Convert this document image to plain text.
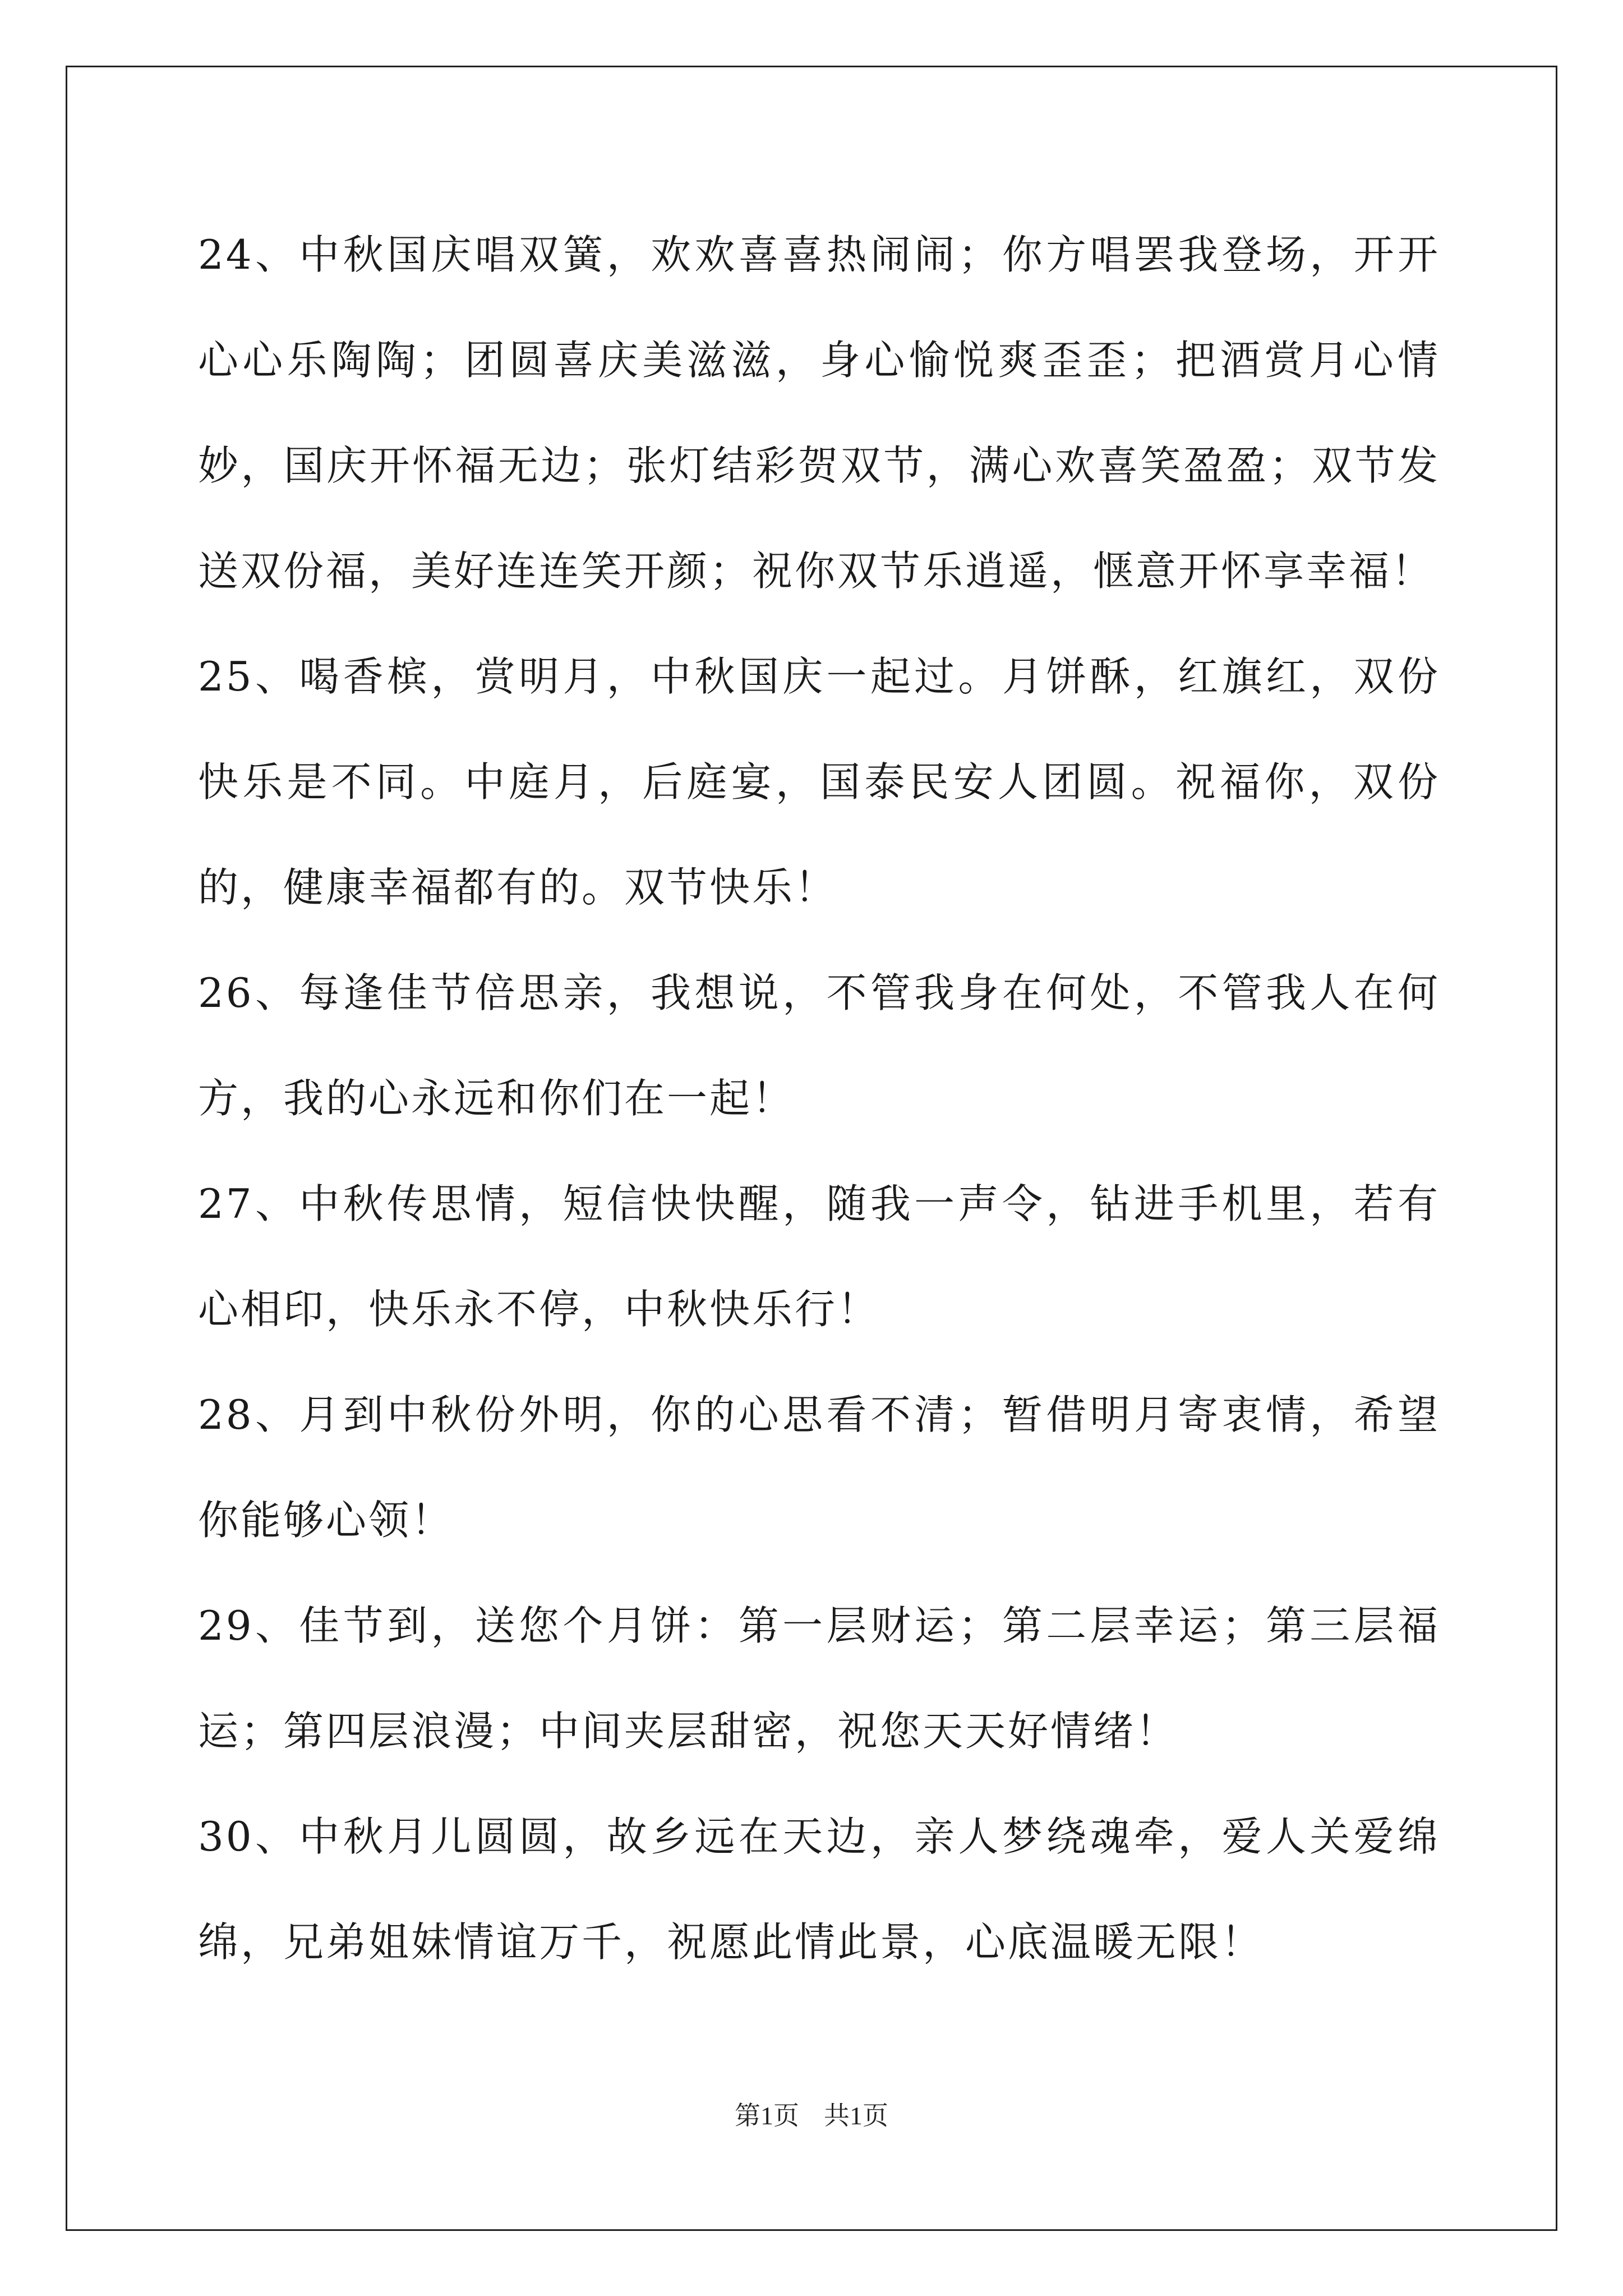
24、中秋国庆唱双簧，欢欢喜喜热闹闹；你方唱罢我登场，开开心心乐陶陶；团圆喜庆美滋滋，身心愉悦爽歪歪；把酒赏月心情妙，国庆开怀福无边；张灯结彩贺双节，满心欢喜笑盈盈；双节发送双份福，美好连连笑开颜；祝你双节乐逍遥，惬意开怀享幸福！

25、喝香槟，赏明月，中秋国庆一起过。月饼酥，红旗红，双份快乐是不同。中庭月，后庭宴，国泰民安人团圆。祝福你，双份的，健康幸福都有的。双节快乐！

26、每逢佳节倍思亲，我想说，不管我身在何处，不管我人在何方，我的心永远和你们在一起！

27、中秋传思情，短信快快醒，随我一声令，钻进手机里，若有心相印，快乐永不停，中秋快乐行！

28、月到中秋份外明，你的心思看不清；暂借明月寄衷情，希望你能够心领！

29、佳节到，送您个月饼：第一层财运；第二层幸运；第三层福运；第四层浪漫；中间夹层甜密，祝您天天好情绪！

30、中秋月儿圆圆，故乡远在天边，亲人梦绕魂牵，爱人关爱绵绵，兄弟姐妹情谊万千，祝愿此情此景，心底温暖无限！

第1页 共1页
